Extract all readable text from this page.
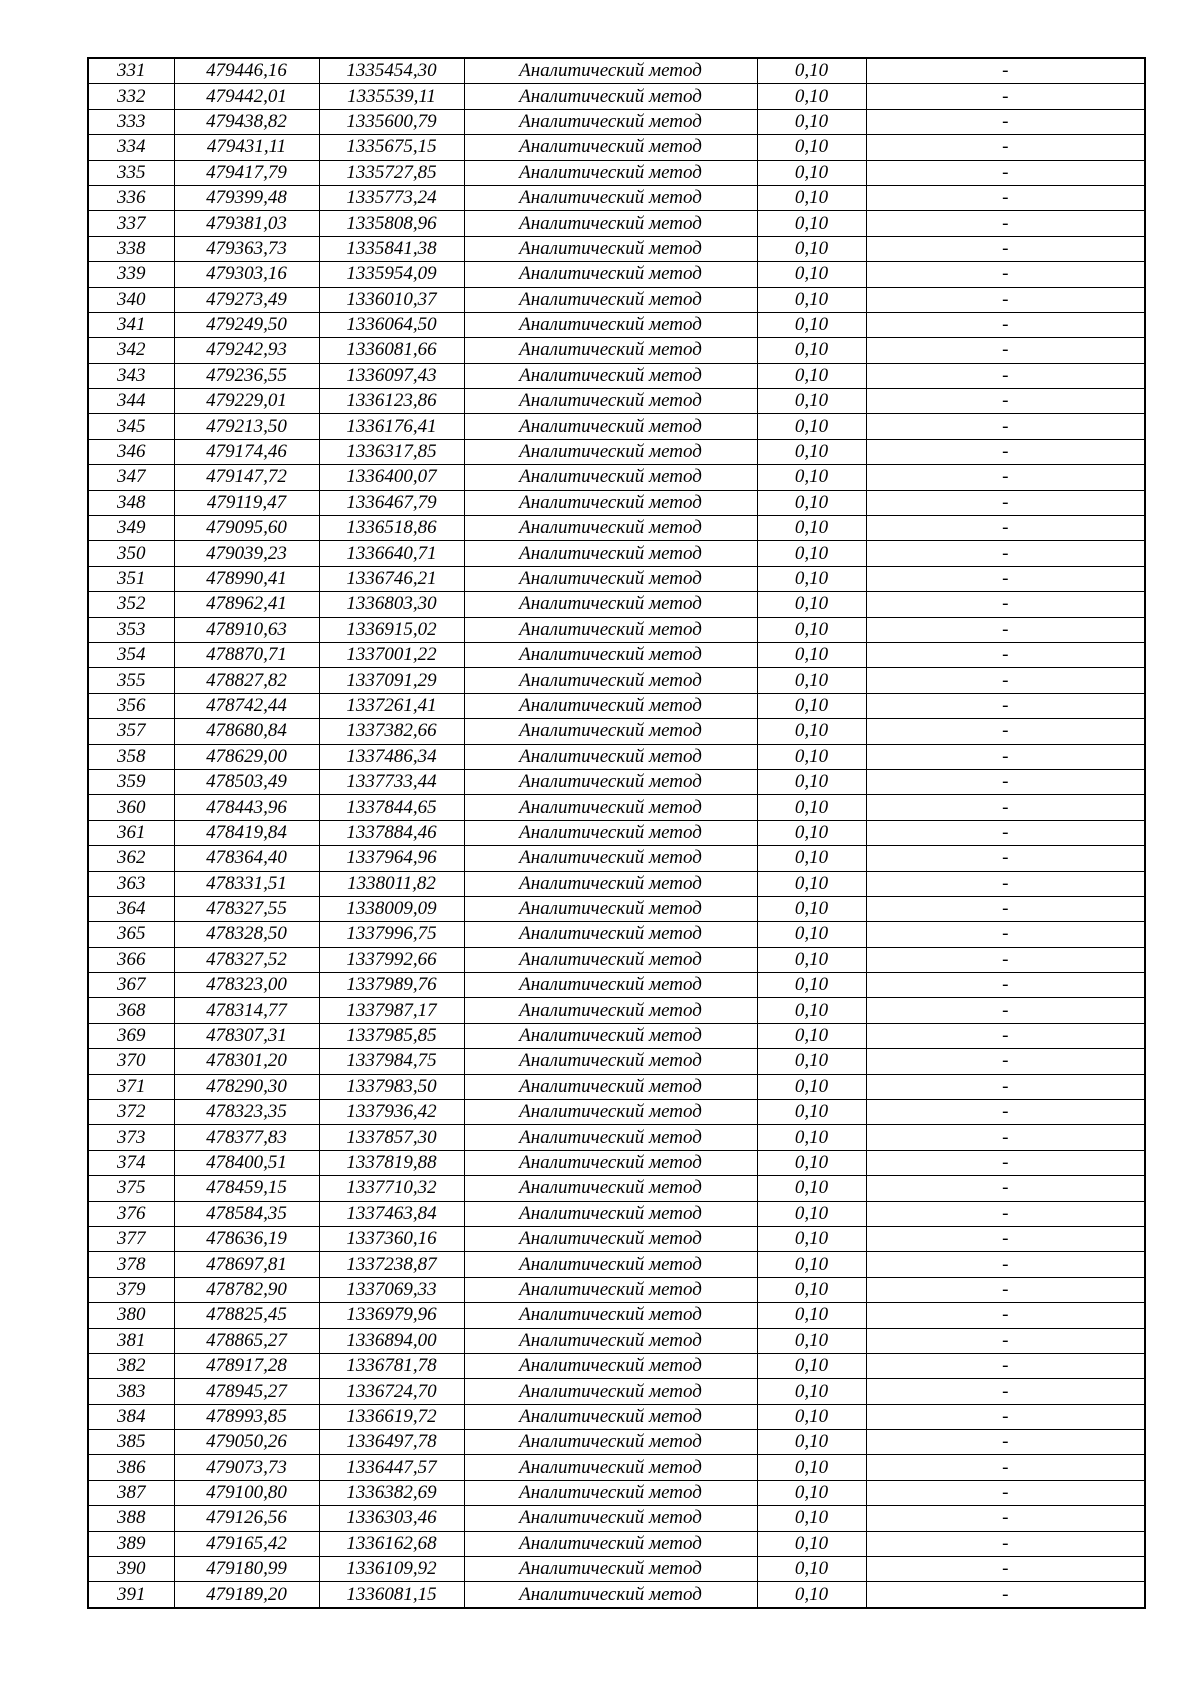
331	479446,16	1335454,30	Аналитический метод	0,10	-
332	479442,01	1335539,11	Аналитический метод	0,10	-
333	479438,82	1335600,79	Аналитический метод	0,10	-
334	479431,11	1335675,15	Аналитический метод	0,10	-
335	479417,79	1335727,85	Аналитический метод	0,10	-
336	479399,48	1335773,24	Аналитический метод	0,10	-
337	479381,03	1335808,96	Аналитический метод	0,10	-
338	479363,73	1335841,38	Аналитический метод	0,10	-
339	479303,16	1335954,09	Аналитический метод	0,10	-
340	479273,49	1336010,37	Аналитический метод	0,10	-
341	479249,50	1336064,50	Аналитический метод	0,10	-
342	479242,93	1336081,66	Аналитический метод	0,10	-
343	479236,55	1336097,43	Аналитический метод	0,10	-
344	479229,01	1336123,86	Аналитический метод	0,10	-
345	479213,50	1336176,41	Аналитический метод	0,10	-
346	479174,46	1336317,85	Аналитический метод	0,10	-
347	479147,72	1336400,07	Аналитический метод	0,10	-
348	479119,47	1336467,79	Аналитический метод	0,10	-
349	479095,60	1336518,86	Аналитический метод	0,10	-
350	479039,23	1336640,71	Аналитический метод	0,10	-
351	478990,41	1336746,21	Аналитический метод	0,10	-
352	478962,41	1336803,30	Аналитический метод	0,10	-
353	478910,63	1336915,02	Аналитический метод	0,10	-
354	478870,71	1337001,22	Аналитический метод	0,10	-
355	478827,82	1337091,29	Аналитический метод	0,10	-
356	478742,44	1337261,41	Аналитический метод	0,10	-
357	478680,84	1337382,66	Аналитический метод	0,10	-
358	478629,00	1337486,34	Аналитический метод	0,10	-
359	478503,49	1337733,44	Аналитический метод	0,10	-
360	478443,96	1337844,65	Аналитический метод	0,10	-
361	478419,84	1337884,46	Аналитический метод	0,10	-
362	478364,40	1337964,96	Аналитический метод	0,10	-
363	478331,51	1338011,82	Аналитический метод	0,10	-
364	478327,55	1338009,09	Аналитический метод	0,10	-
365	478328,50	1337996,75	Аналитический метод	0,10	-
366	478327,52	1337992,66	Аналитический метод	0,10	-
367	478323,00	1337989,76	Аналитический метод	0,10	-
368	478314,77	1337987,17	Аналитический метод	0,10	-
369	478307,31	1337985,85	Аналитический метод	0,10	-
370	478301,20	1337984,75	Аналитический метод	0,10	-
371	478290,30	1337983,50	Аналитический метод	0,10	-
372	478323,35	1337936,42	Аналитический метод	0,10	-
373	478377,83	1337857,30	Аналитический метод	0,10	-
374	478400,51	1337819,88	Аналитический метод	0,10	-
375	478459,15	1337710,32	Аналитический метод	0,10	-
376	478584,35	1337463,84	Аналитический метод	0,10	-
377	478636,19	1337360,16	Аналитический метод	0,10	-
378	478697,81	1337238,87	Аналитический метод	0,10	-
379	478782,90	1337069,33	Аналитический метод	0,10	-
380	478825,45	1336979,96	Аналитический метод	0,10	-
381	478865,27	1336894,00	Аналитический метод	0,10	-
382	478917,28	1336781,78	Аналитический метод	0,10	-
383	478945,27	1336724,70	Аналитический метод	0,10	-
384	478993,85	1336619,72	Аналитический метод	0,10	-
385	479050,26	1336497,78	Аналитический метод	0,10	-
386	479073,73	1336447,57	Аналитический метод	0,10	-
387	479100,80	1336382,69	Аналитический метод	0,10	-
388	479126,56	1336303,46	Аналитический метод	0,10	-
389	479165,42	1336162,68	Аналитический метод	0,10	-
390	479180,99	1336109,92	Аналитический метод	0,10	-
391	479189,20	1336081,15	Аналитический метод	0,10	-
